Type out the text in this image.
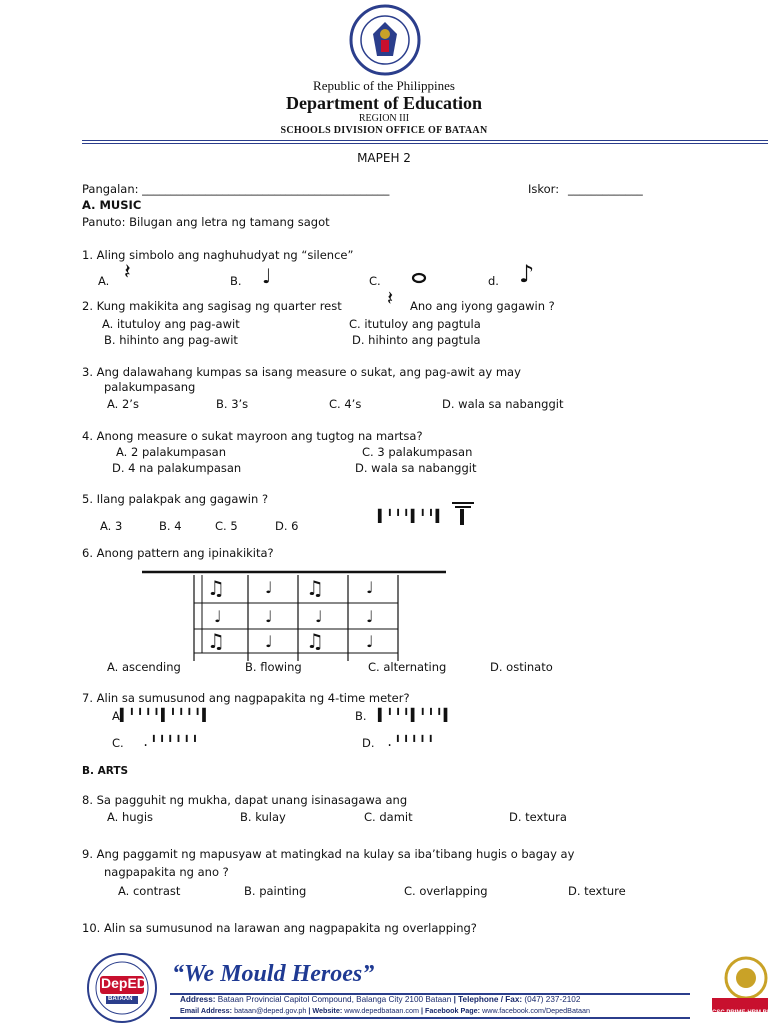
Republic of the Philippines
Department of Education
REGION III
SCHOOLS DIVISION OFFICE OF BATAAN
MAPEH 2
Pangalan: ___________________________________________	Iskor: _____________
A. MUSIC
Panuto: Bilugan ang letra ng tamang sagot
1. Aling simbolo ang naghuhudyat ng “silence”
A. 𝄽	B. ♩	C.	d. ♪
2. Kung makikita ang sagisag ng quarter rest 𝄽 Ano ang iyong gagawin ?
A. itutuloy ang pag-awit	C. itutuloy ang pagtula
B. hihinto ang pag-awit	D. hihinto ang pagtula
3. Ang dalawahang kumpas sa isang measure o sukat, ang pag-awit ay may
palakumpasang
A. 2’s	B. 3’s	C. 4’s	D. wala sa nabanggit
4. Anong measure o sukat mayroon ang tugtog na martsa?
A. 2 palakumpasan	C. 3 palakumpasan
D. 4 na palakumpasan	D. wala sa nabanggit
5. Ilang palakpak ang gagawin ?
A. 3	B. 4	C. 5	D. 6
▌╹╹╹▌╹╹▌
6. Anong pattern ang ipinakikita?
♫	♩ ♫	♩
♩	♩	♩	♩
♫	♩ ♫	♩
A. ascending	B. flowing	C. alternating	D. ostinato
7. Alin sa sumusunod ang nagpapakita ng 4-time meter?
A ▌╹╹╹╹▌╹╹╹╹▌	B. ▌╹╹╹▌╹╹╹▌
C. .╹╹╹╹╹╹	D. .╹╹╹╹╹
B. ARTS
8. Sa pagguhit ng mukha, dapat unang isinasagawa ang
A. hugis	B. kulay	C. damit	D. textura
9. Ang paggamit ng mapusyaw at matingkad na kulay sa iba’tibang hugis o bagay ay
nagpapakita ng ano ?
A. contrast	B. painting	C. overlapping	D. texture
10. Alin sa sumusunod na larawan ang nagpapakita ng overlapping?
DepED
BATAAN
“We Mould Heroes”
Address: Bataan Provincial Capitol Compound, Balanga City 2100 Bataan | Telephone / Fax: (047) 237-2102
Email Address: bataan@deped.gov.ph | Website: www.depedbataan.com | Facebook Page: www.facebook.com/DepedBataan	CSC PRIME-HRM BRO
